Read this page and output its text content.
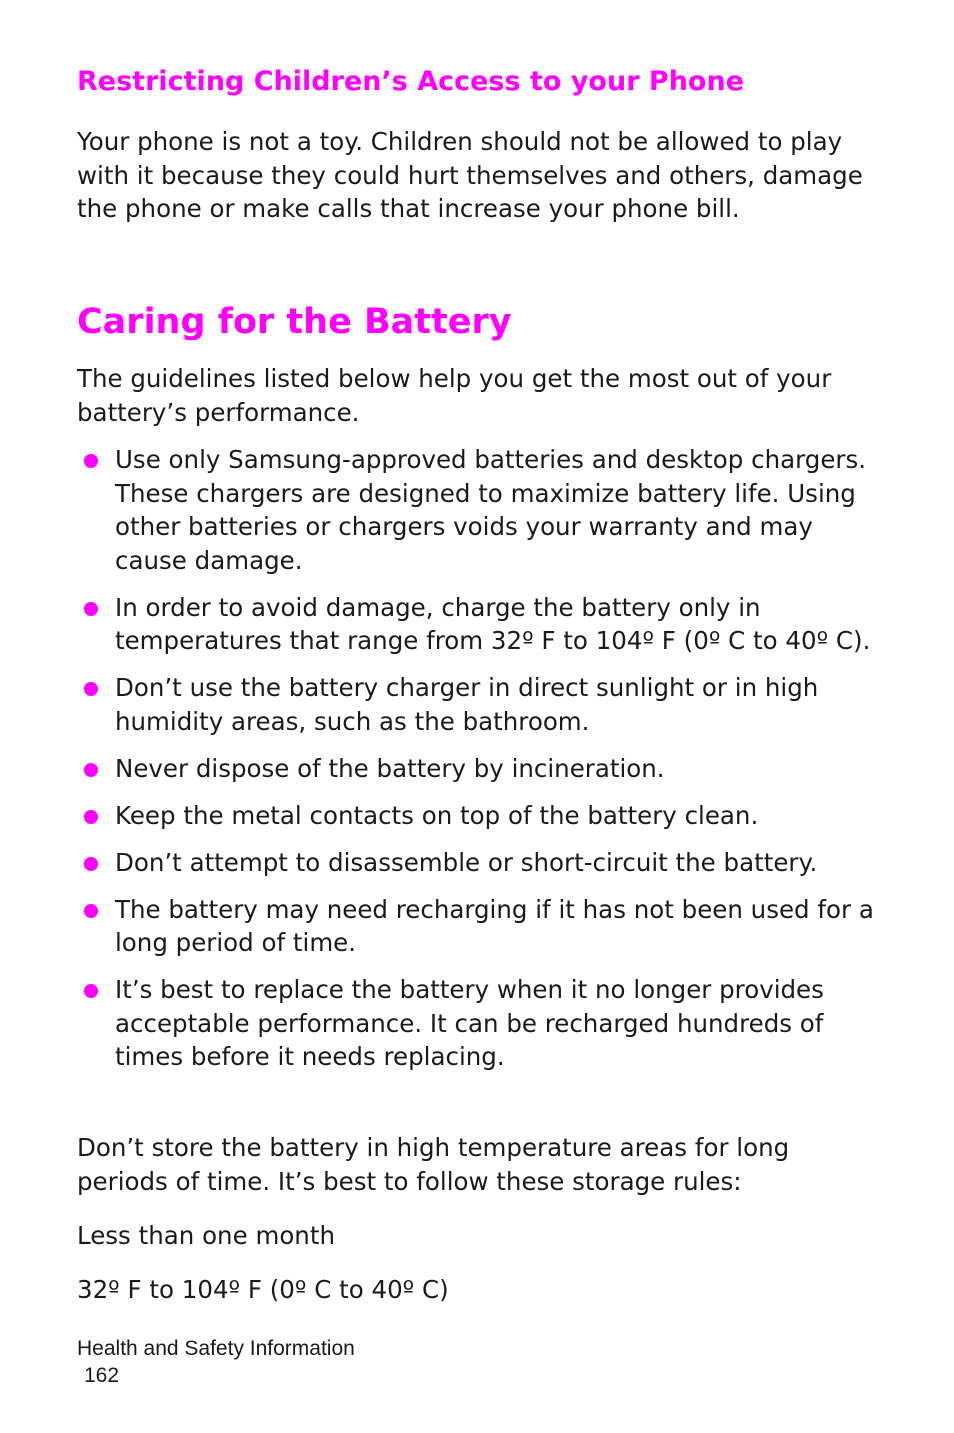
Restricting Children’s Access to your Phone

Your phone is not a toy. Children should not be allowed to play with it because they could hurt themselves and others, damage the phone or make calls that increase your phone bill.

Caring for the Battery

The guidelines listed below help you get the most out of your battery’s performance.

Use only Samsung-approved batteries and desktop chargers. These chargers are designed to maximize battery life. Using other batteries or chargers voids your warranty and may cause damage.
In order to avoid damage, charge the battery only in temperatures that range from 32º F to 104º F (0º C to 40º C).
Don’t use the battery charger in direct sunlight or in high humidity areas, such as the bathroom.
Never dispose of the battery by incineration.
Keep the metal contacts on top of the battery clean.
Don’t attempt to disassemble or short-circuit the battery.
The battery may need recharging if it has not been used for a long period of time.
It’s best to replace the battery when it no longer provides acceptable performance. It can be recharged hundreds of times before it needs replacing.

Don’t store the battery in high temperature areas for long periods of time. It’s best to follow these storage rules:

Less than one month

32º F to 104º F (0º C to 40º C)

Health and Safety Information
162
